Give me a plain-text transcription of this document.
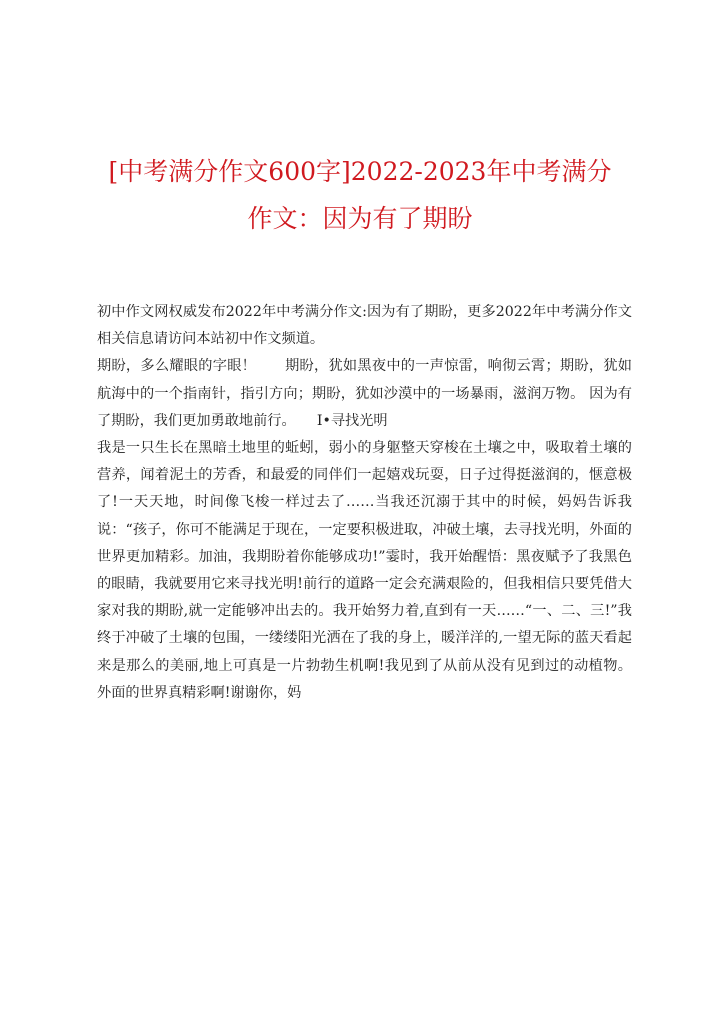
[中考满分作文600字]2022-2023年中考满分
作文：因为有了期盼

初中作文网权威发布2022年中考满分作文:因为有了期盼，更多2022年中考满分作文相关信息请访问本站初中作文频道。

期盼，多么耀眼的字眼！　　期盼，犹如黑夜中的一声惊雷，响彻云霄；期盼，犹如航海中的一个指南针，指引方向；期盼，犹如沙漠中的一场暴雨，滋润万物。 因为有了期盼，我们更加勇敢地前行。　　Ⅰ•寻找光明

我是一只生长在黑暗土地里的蚯蚓，弱小的身躯整天穿梭在土壤之中，吸取着土壤的营养，闻着泥土的芳香，和最爱的同伴们一起嬉戏玩耍，日子过得挺滋润的，惬意极了!一天天地，时间像飞梭一样过去了……当我还沉溺于其中的时候，妈妈告诉我说：“孩子，你可不能满足于现在，一定要积极进取，冲破土壤，去寻找光明，外面的世界更加精彩。加油，我期盼着你能够成功!”霎时，我开始醒悟：黑夜赋予了我黑色的眼睛，我就要用它来寻找光明!前行的道路一定会充满艰险的，但我相信只要凭借大家对我的期盼,就一定能够冲出去的。我开始努力着,直到有一天……“一、二、三!”我终于冲破了土壤的包围，一缕缕阳光洒在了我的身上，暖洋洋的,一望无际的蓝天看起来是那么的美丽,地上可真是一片勃勃生机啊!我见到了从前从没有见到过的动植物。外面的世界真精彩啊!谢谢你，妈
